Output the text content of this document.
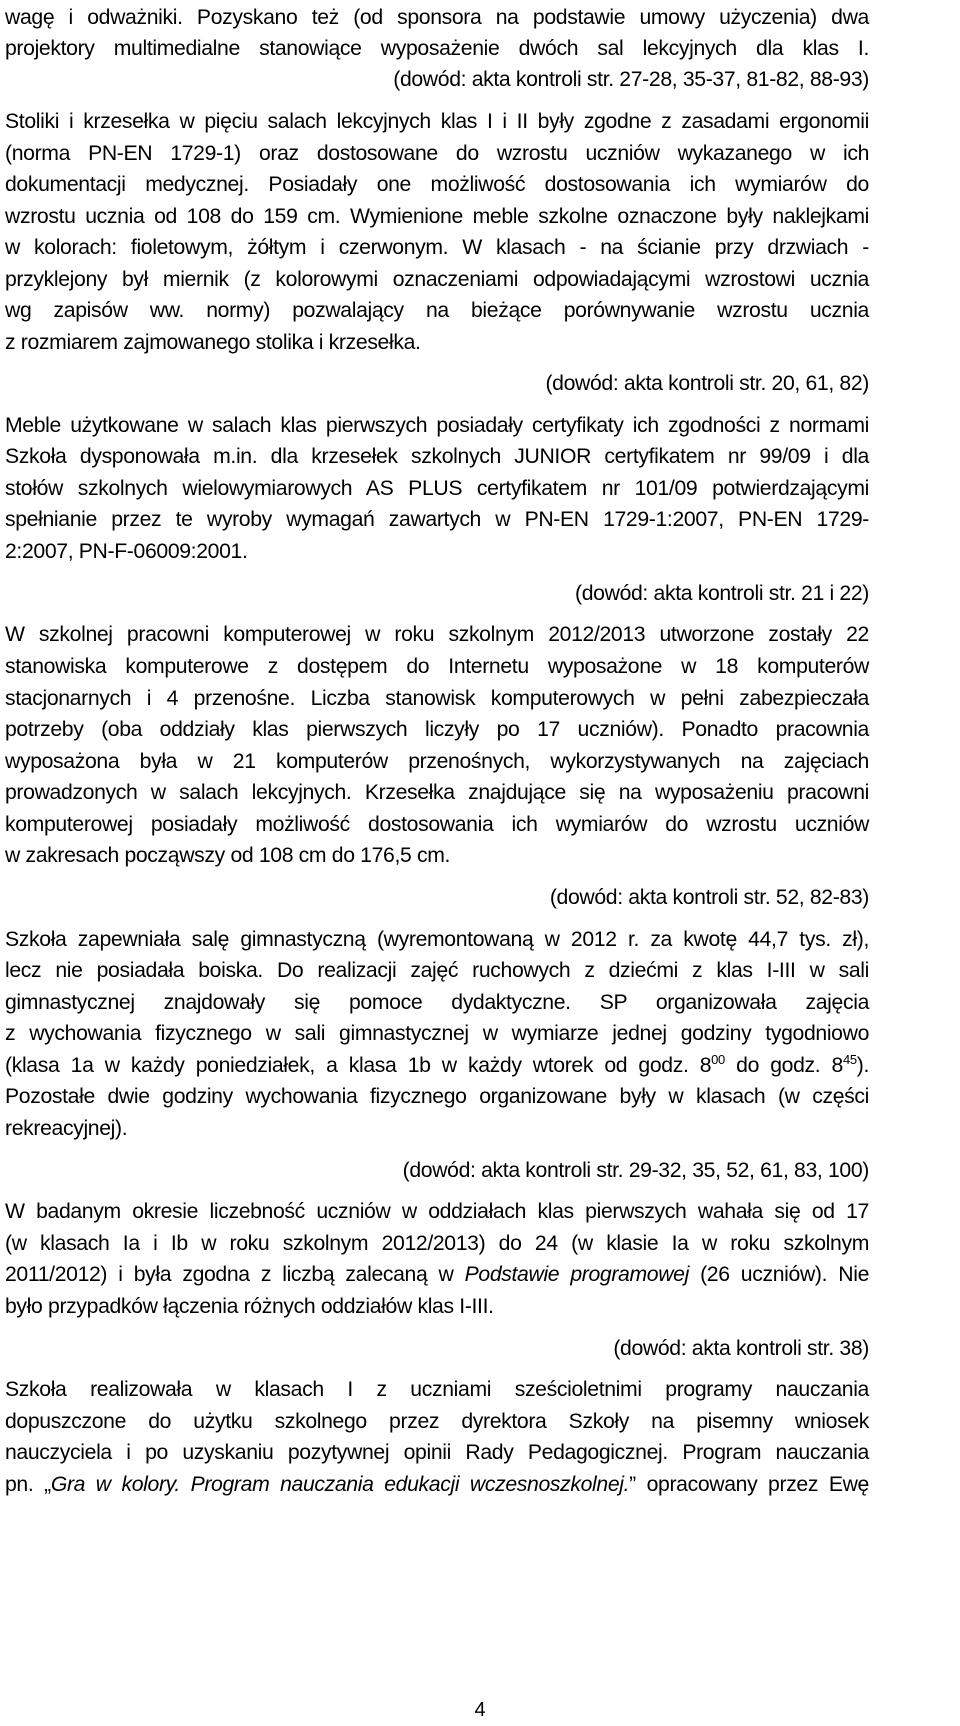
wagę i odważniki. Pozyskano też (od sponsora na podstawie umowy użyczenia) dwa
projektory multimedialne stanowiące wyposażenie dwóch sal lekcyjnych dla klas I.
(dowód: akta kontroli str. 27-28, 35-37, 81-82, 88-93)
Stoliki i krzesełka w pięciu salach lekcyjnych klas I i II były zgodne z zasadami ergonomii
(norma PN-EN 1729-1) oraz dostosowane do wzrostu uczniów wykazanego w ich
dokumentacji medycznej. Posiadały one możliwość dostosowania ich wymiarów do
wzrostu ucznia od 108 do 159 cm. Wymienione meble szkolne oznaczone były naklejkami
w kolorach: fioletowym, żółtym i czerwonym. W klasach - na ścianie przy drzwiach -
przyklejony był miernik (z kolorowymi oznaczeniami odpowiadającymi wzrostowi ucznia
wg zapisów ww. normy) pozwalający na bieżące porównywanie wzrostu ucznia
z rozmiarem zajmowanego stolika i krzesełka.
(dowód: akta kontroli str. 20, 61, 82)
Meble użytkowane w salach klas pierwszych posiadały certyfikaty ich zgodności z normami
Szkoła dysponowała m.in. dla krzesełek szkolnych JUNIOR certyfikatem nr 99/09 i dla
stołów szkolnych wielowymiarowych AS PLUS certyfikatem nr 101/09 potwierdzającymi
spełnianie przez te wyroby wymagań zawartych w PN-EN 1729-1:2007, PN-EN 1729-
2:2007, PN-F-06009:2001.
(dowód: akta kontroli str. 21 i 22)
W szkolnej pracowni komputerowej w roku szkolnym 2012/2013 utworzone zostały 22
stanowiska komputerowe z dostępem do Internetu wyposażone w 18 komputerów
stacjonarnych i 4 przenośne. Liczba stanowisk komputerowych w pełni zabezpieczała
potrzeby (oba oddziały klas pierwszych liczyły po 17 uczniów). Ponadto pracownia
wyposażona była w 21 komputerów przenośnych, wykorzystywanych na zajęciach
prowadzonych w salach lekcyjnych. Krzesełka znajdujące się na wyposażeniu pracowni
komputerowej posiadały możliwość dostosowania ich wymiarów do wzrostu uczniów
w zakresach począwszy od 108 cm do 176,5 cm.
(dowód: akta kontroli str. 52, 82-83)
Szkoła zapewniała salę gimnastyczną (wyremontowaną w 2012 r. za kwotę 44,7 tys. zł),
lecz nie posiadała boiska. Do realizacji zajęć ruchowych z dziećmi z klas I-III w sali
gimnastycznej znajdowały się pomoce dydaktyczne. SP organizowała zajęcia
z wychowania fizycznego w sali gimnastycznej w wymiarze jednej godziny tygodniowo
(klasa 1a w każdy poniedziałek, a klasa 1b w każdy wtorek od godz. $8^{00}$ do godz. $8^{45}$).
Pozostałe dwie godziny wychowania fizycznego organizowane były w klasach (w części
rekreacyjnej).
(dowód: akta kontroli str. 29-32, 35, 52, 61, 83, 100)
W badanym okresie liczebność uczniów w oddziałach klas pierwszych wahała się od 17
(w klasach Ia i Ib w roku szkolnym 2012/2013) do 24 (w klasie Ia w roku szkolnym
2011/2012) i była zgodna z liczbą zalecaną w Podstawie programowej (26 uczniów). Nie
było przypadków łączenia różnych oddziałów klas I-III.
(dowód: akta kontroli str. 38)
Szkoła realizowała w klasach I z uczniami sześcioletnimi programy nauczania
dopuszczone do użytku szkolnego przez dyrektora Szkoły na pisemny wniosek
nauczyciela i po uzyskaniu pozytywnej opinii Rady Pedagogicznej. Program nauczania
pn. „Gra w kolory. Program nauczania edukacji wczesnoszkolnej.” opracowany przez Ewę
4
